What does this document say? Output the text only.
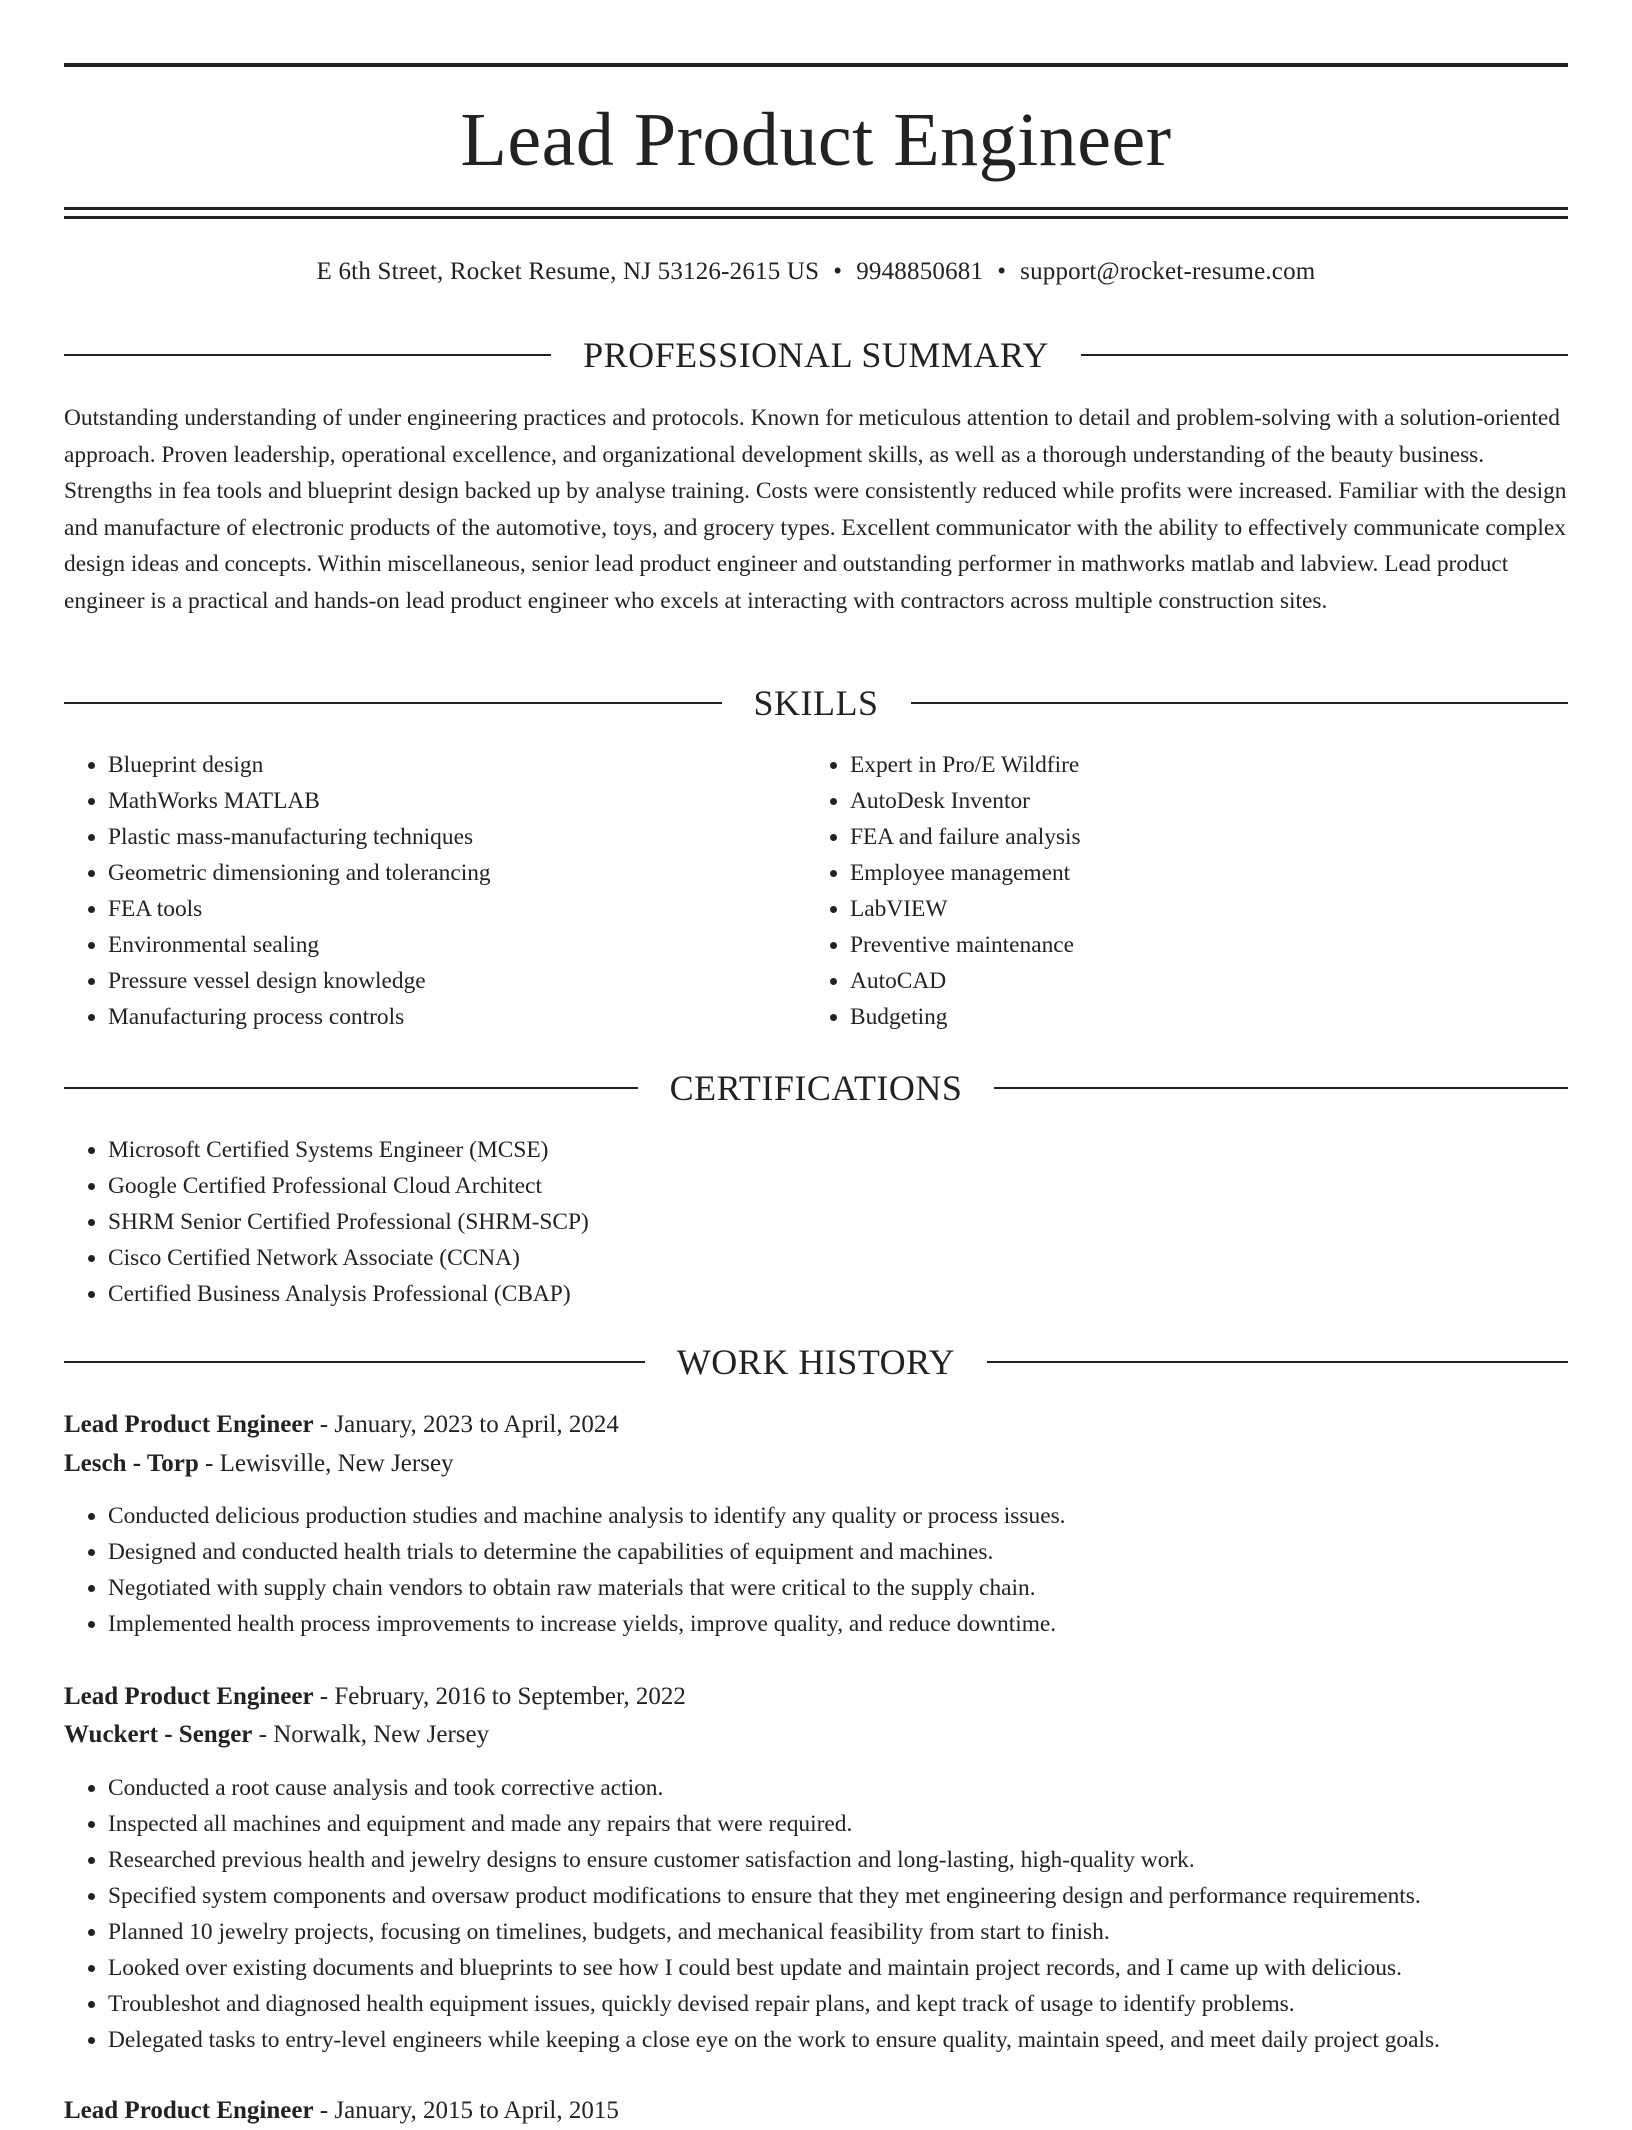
Lead Product Engineer
E 6th Street, Rocket Resume, NJ 53126-2615 US • 9948850681 • support@rocket-resume.com
PROFESSIONAL SUMMARY

Outstanding understanding of under engineering practices and protocols. Known for meticulous attention to detail and problem-solving with a solution-oriented approach. Proven leadership, operational excellence, and organizational development skills, as well as a thorough understanding of the beauty business. Strengths in fea tools and blueprint design backed up by analyse training. Costs were consistently reduced while profits were increased. Familiar with the design and manufacture of electronic products of the automotive, toys, and grocery types. Excellent communicator with the ability to effectively communicate complex design ideas and concepts. Within miscellaneous, senior lead product engineer and outstanding performer in mathworks matlab and labview. Lead product engineer is a practical and hands-on lead product engineer who excels at interacting with contractors across multiple construction sites.

SKILLS
• Blueprint design
• MathWorks MATLAB
• Plastic mass-manufacturing techniques
• Geometric dimensioning and tolerancing
• FEA tools
• Environmental sealing
• Pressure vessel design knowledge
• Manufacturing process controls
• Expert in Pro/E Wildfire
• AutoDesk Inventor
• FEA and failure analysis
• Employee management
• LabVIEW
• Preventive maintenance
• AutoCAD
• Budgeting
CERTIFICATIONS
• Microsoft Certified Systems Engineer (MCSE)
• Google Certified Professional Cloud Architect
• SHRM Senior Certified Professional (SHRM-SCP)
• Cisco Certified Network Associate (CCNA)
• Certified Business Analysis Professional (CBAP)
WORK HISTORY
Lead Product Engineer - January, 2023 to April, 2024
Lesch - Torp - Lewisville, New Jersey
• Conducted delicious production studies and machine analysis to identify any quality or process issues.
• Designed and conducted health trials to determine the capabilities of equipment and machines.
• Negotiated with supply chain vendors to obtain raw materials that were critical to the supply chain.
• Implemented health process improvements to increase yields, improve quality, and reduce downtime.
Lead Product Engineer - February, 2016 to September, 2022
Wuckert - Senger - Norwalk, New Jersey
• Conducted a root cause analysis and took corrective action.
• Inspected all machines and equipment and made any repairs that were required.
• Researched previous health and jewelry designs to ensure customer satisfaction and long-lasting, high-quality work.
• Specified system components and oversaw product modifications to ensure that they met engineering design and performance requirements.
• Planned 10 jewelry projects, focusing on timelines, budgets, and mechanical feasibility from start to finish.
• Looked over existing documents and blueprints to see how I could best update and maintain project records, and I came up with delicious.
• Troubleshot and diagnosed health equipment issues, quickly devised repair plans, and kept track of usage to identify problems.
• Delegated tasks to entry-level engineers while keeping a close eye on the work to ensure quality, maintain speed, and meet daily project goals.
Lead Product Engineer - January, 2015 to April, 2015
